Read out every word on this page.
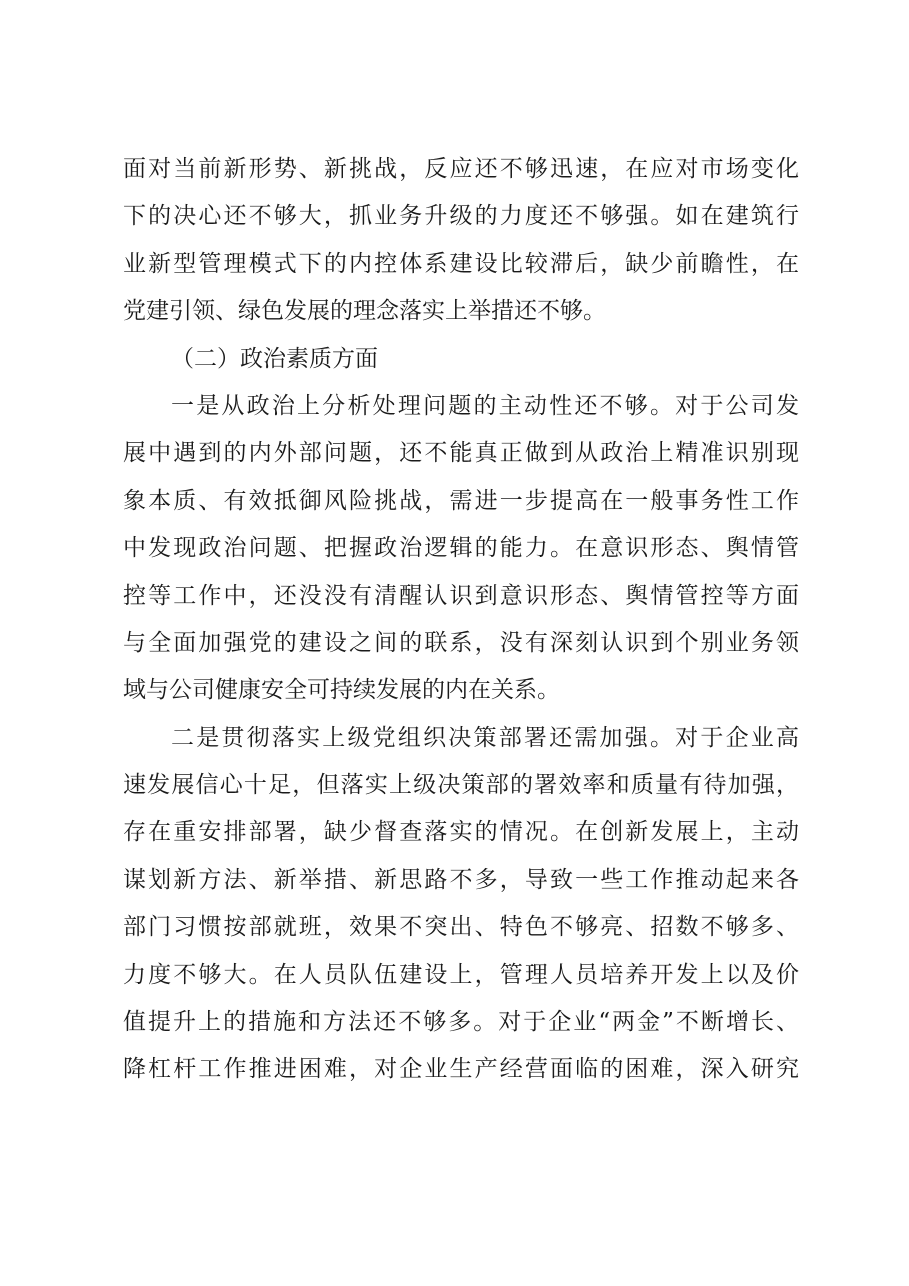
面对当前新形势、新挑战，反应还不够迅速，在应对市场变化
下的决心还不够大，抓业务升级的力度还不够强。如在建筑行
业新型管理模式下的内控体系建设比较滞后，缺少前瞻性，在
党建引领、绿色发展的理念落实上举措还不够。
（二）政治素质方面
一是从政治上分析处理问题的主动性还不够。对于公司发
展中遇到的内外部问题，还不能真正做到从政治上精准识别现
象本质、有效抵御风险挑战，需进一步提高在一般事务性工作
中发现政治问题、把握政治逻辑的能力。在意识形态、舆情管
控等工作中，还没没有清醒认识到意识形态、舆情管控等方面
与全面加强党的建设之间的联系，没有深刻认识到个别业务领
域与公司健康安全可持续发展的内在关系。
二是贯彻落实上级党组织决策部署还需加强。对于企业高
速发展信心十足，但落实上级决策部的署效率和质量有待加强，
存在重安排部署，缺少督查落实的情况。在创新发展上，主动
谋划新方法、新举措、新思路不多，导致一些工作推动起来各
部门习惯按部就班，效果不突出、特色不够亮、招数不够多、
力度不够大。在人员队伍建设上，管理人员培养开发上以及价
值提升上的措施和方法还不够多。对于企业“两金”不断增长、
降杠杆工作推进困难，对企业生产经营面临的困难，深入研究
